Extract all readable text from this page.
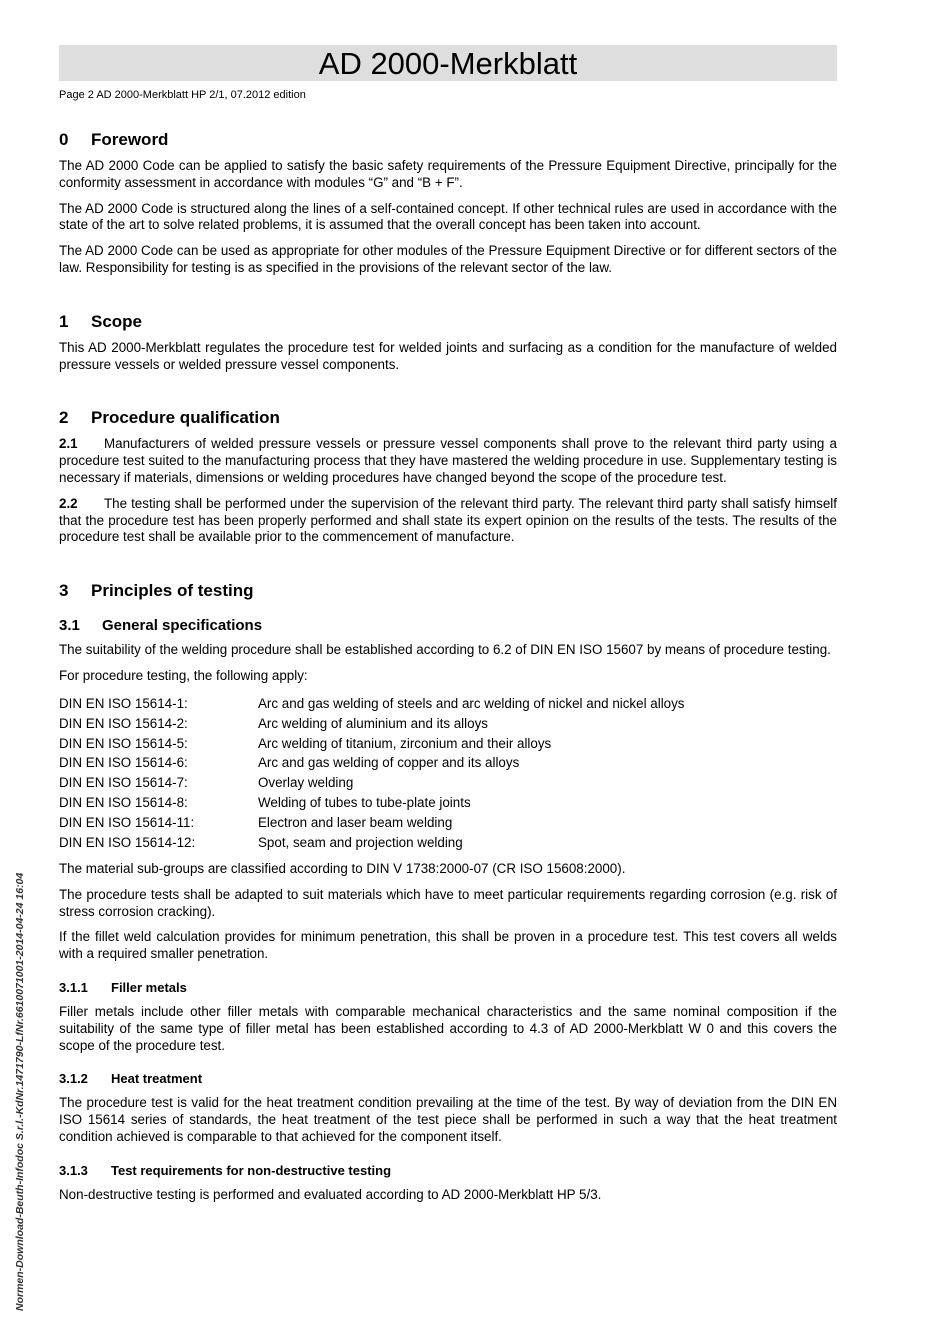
AD 2000-Merkblatt
Page 2 AD 2000-Merkblatt HP 2/1, 07.2012 edition
0 Foreword

The AD 2000 Code can be applied to satisfy the basic safety requirements of the Pressure Equipment Directive, principally for the conformity assessment in accordance with modules “G” and “B + F”.

The AD 2000 Code is structured along the lines of a self-contained concept. If other technical rules are used in accordance with the state of the art to solve related problems, it is assumed that the overall concept has been taken into account.

The AD 2000 Code can be used as appropriate for other modules of the Pressure Equipment Directive or for different sectors of the law. Responsibility for testing is as specified in the provisions of the relevant sector of the law.

1 Scope

This AD 2000-Merkblatt regulates the procedure test for welded joints and surfacing as a condition for the manufacture of welded pressure vessels or welded pressure vessel components.

2 Procedure qualification

2.1 Manufacturers of welded pressure vessels or pressure vessel components shall prove to the relevant third party using a procedure test suited to the manufacturing process that they have mastered the welding procedure in use. Supplementary testing is necessary if materials, dimensions or welding procedures have changed beyond the scope of the procedure test.

2.2 The testing shall be performed under the supervision of the relevant third party. The relevant third party shall satisfy himself that the procedure test has been properly performed and shall state its expert opinion on the results of the tests. The results of the procedure test shall be available prior to the commencement of manufacture.

3 Principles of testing
3.1 General specifications

The suitability of the welding procedure shall be established according to 6.2 of DIN EN ISO 15607 by means of procedure testing.

For procedure testing, the following apply:

DIN EN ISO 15614-1:	Arc and gas welding of steels and arc welding of nickel and nickel alloys
DIN EN ISO 15614-2:	Arc welding of aluminium and its alloys
DIN EN ISO 15614-5:	Arc welding of titanium, zirconium and their alloys
DIN EN ISO 15614-6:	Arc and gas welding of copper and its alloys
DIN EN ISO 15614-7:	Overlay welding
DIN EN ISO 15614-8:	Welding of tubes to tube-plate joints
DIN EN ISO 15614-11:	Electron and laser beam welding
DIN EN ISO 15614-12:	Spot, seam and projection welding

The material sub-groups are classified according to DIN V 1738:2000-07 (CR ISO 15608:2000).

The procedure tests shall be adapted to suit materials which have to meet particular requirements regarding corrosion (e.g. risk of stress corrosion cracking).

If the fillet weld calculation provides for minimum penetration, this shall be proven in a procedure test. This test covers all welds with a required smaller penetration.

3.1.1 Filler metals

Filler metals include other filler metals with comparable mechanical characteristics and the same nominal composition if the suitability of the same type of filler metal has been established according to 4.3 of AD 2000-Merkblatt W 0 and this covers the scope of the procedure test.

3.1.2 Heat treatment

The procedure test is valid for the heat treatment condition prevailing at the time of the test. By way of deviation from the DIN EN ISO 15614 series of standards, the heat treatment of the test piece shall be performed in such a way that the heat treatment condition achieved is comparable to that achieved for the component itself.

3.1.3 Test requirements for non-destructive testing

Non-destructive testing is performed and evaluated according to AD 2000-Merkblatt HP 5/3.

Normen-Download-Beuth-Infodoc S.r.l.-KdNr.1471790-LfNr.6610071001-2014-04-24 16:04
